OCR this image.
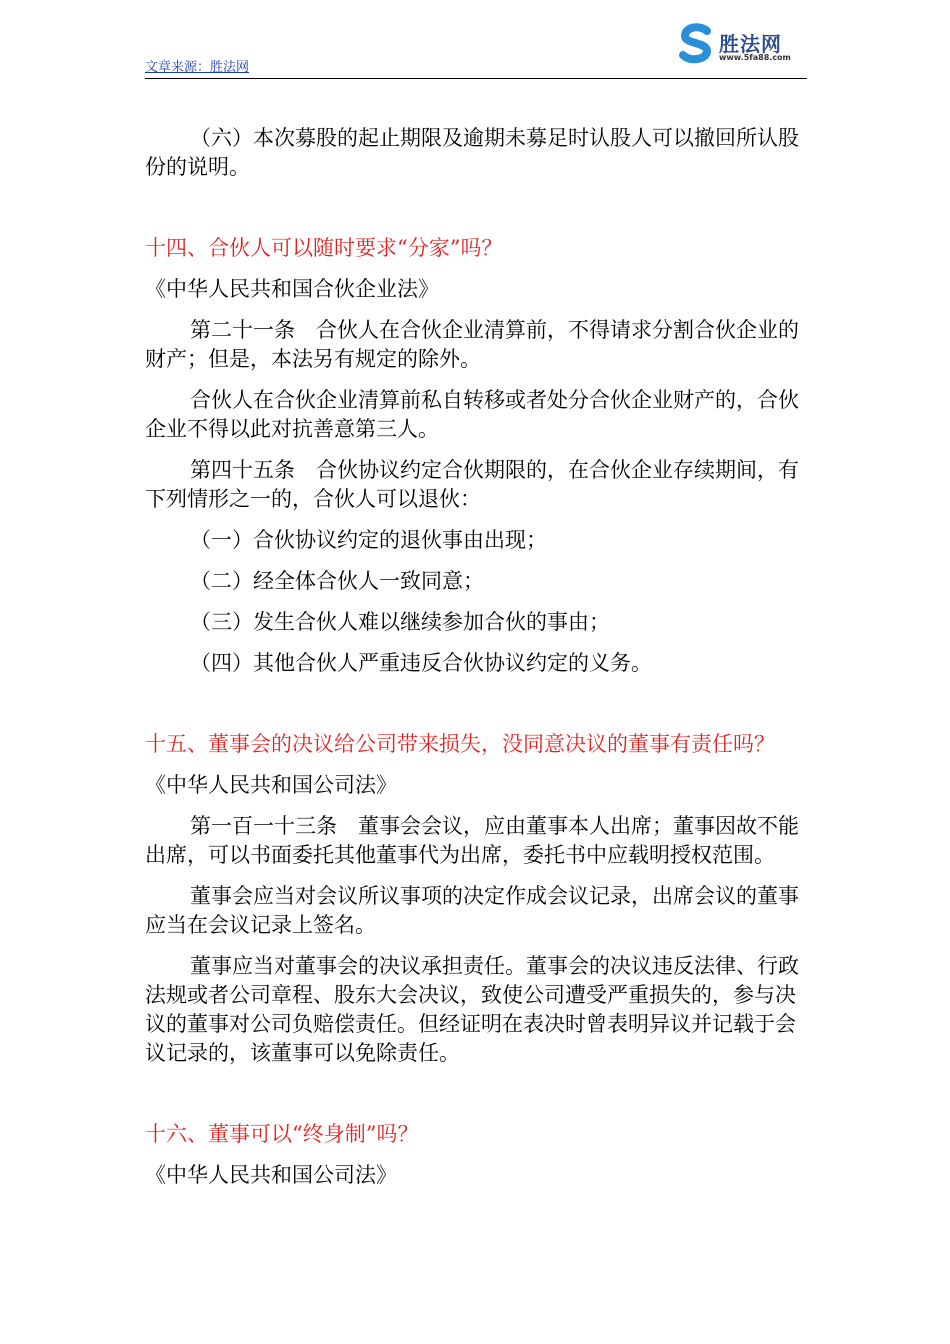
文章来源：胜法网
胜法网
www.5fa88.com

（六）本次募股的起止期限及逾期未募足时认股人可以撤回所认股份的说明。

十四、合伙人可以随时要求“分家”吗？

《中华人民共和国合伙企业法》

第二十一条　合伙人在合伙企业清算前，不得请求分割合伙企业的财产；但是，本法另有规定的除外。

合伙人在合伙企业清算前私自转移或者处分合伙企业财产的，合伙企业不得以此对抗善意第三人。

第四十五条　合伙协议约定合伙期限的，在合伙企业存续期间，有下列情形之一的，合伙人可以退伙：

（一）合伙协议约定的退伙事由出现；

（二）经全体合伙人一致同意；

（三）发生合伙人难以继续参加合伙的事由；

（四）其他合伙人严重违反合伙协议约定的义务。

十五、董事会的决议给公司带来损失，没同意决议的董事有责任吗？

《中华人民共和国公司法》

第一百一十三条　董事会会议，应由董事本人出席；董事因故不能出席，可以书面委托其他董事代为出席，委托书中应载明授权范围。

董事会应当对会议所议事项的决定作成会议记录，出席会议的董事应当在会议记录上签名。

董事应当对董事会的决议承担责任。董事会的决议违反法律、行政法规或者公司章程、股东大会决议，致使公司遭受严重损失的，参与决议的董事对公司负赔偿责任。但经证明在表决时曾表明异议并记载于会议记录的，该董事可以免除责任。

十六、董事可以“终身制”吗？

《中华人民共和国公司法》
